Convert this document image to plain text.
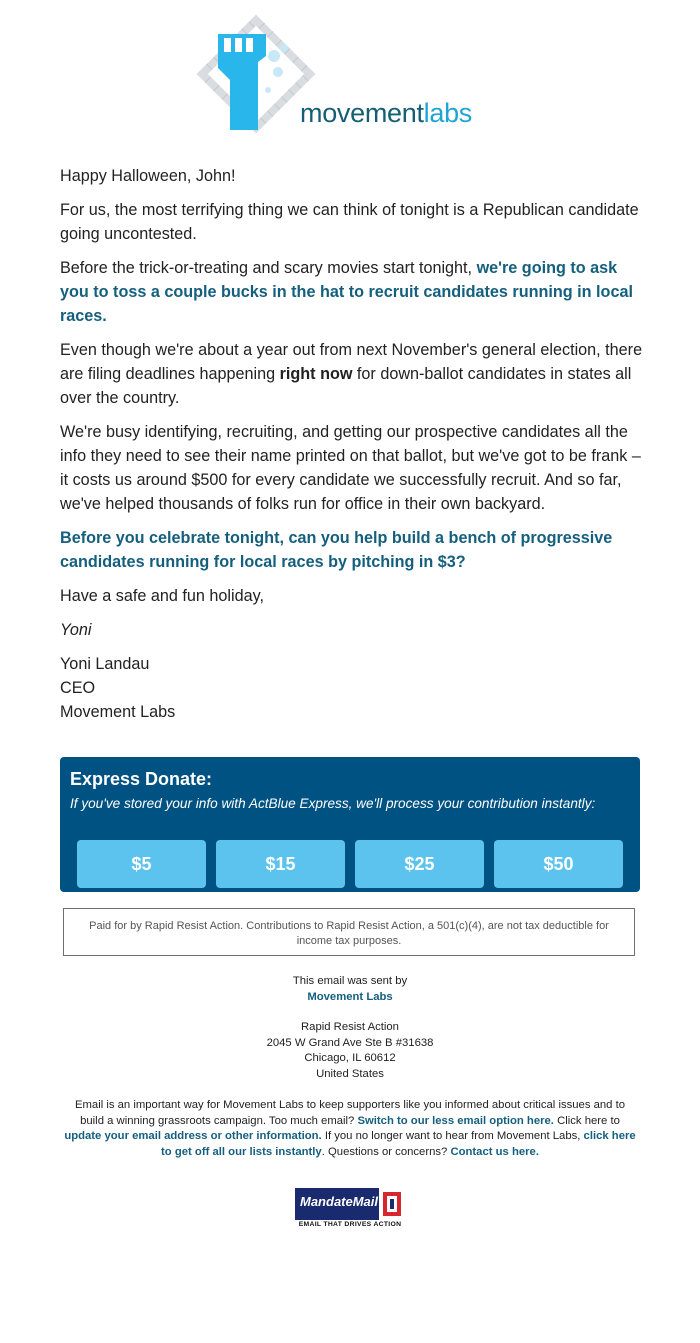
movementlabs

Happy Halloween, John!

For us, the most terrifying thing we can think of tonight is a Republican candidate going uncontested.

Before the trick-or-treating and scary movies start tonight, we're going to ask you to toss a couple bucks in the hat to recruit candidates running in local races.

Even though we're about a year out from next November's general election, there are filing deadlines happening right now for down-ballot candidates in states all over the country.

We're busy identifying, recruiting, and getting our prospective candidates all the info they need to see their name printed on that ballot, but we've got to be frank – it costs us around $500 for every candidate we successfully recruit. And so far, we've helped thousands of folks run for office in their own backyard.

Before you celebrate tonight, can you help build a bench of progressive candidates running for local races by pitching in $3?

Have a safe and fun holiday,

Yoni

Yoni Landau
CEO
Movement Labs

Express Donate:
If you've stored your info with ActBlue Express, we'll process your contribution instantly:
$5	$15	$25	$50
Paid for by Rapid Resist Action. Contributions to Rapid Resist Action, a 501(c)(4), are not tax deductible for income tax purposes.
This email was sent by
Movement Labs
Rapid Resist Action
2045 W Grand Ave Ste B #31638
Chicago, IL 60612
United States
Email is an important way for Movement Labs to keep supporters like you informed about critical issues and to build a winning grassroots campaign. Too much email? Switch to our less email option here. Click here to update your email address or other information. If you no longer want to hear from Movement Labs, click here to get off all our lists instantly. Questions or concerns? Contact us here.
MandateMail
EMAIL THAT DRIVES ACTION
